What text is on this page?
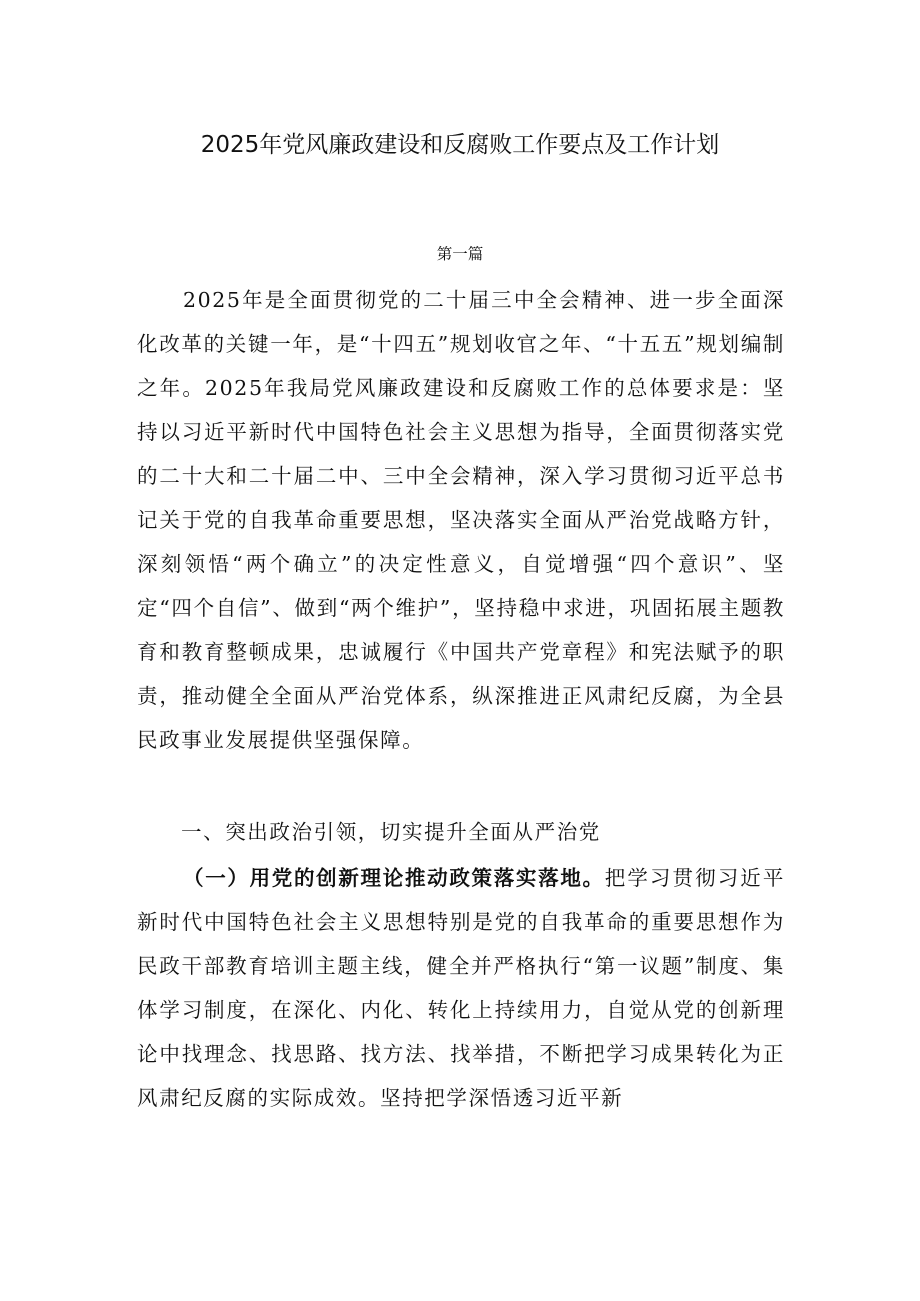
2025年党风廉政建设和反腐败工作要点及工作计划
第一篇

2025年是全面贯彻党的二十届三中全会精神、进一步全面深化改革的关键一年，是“十四五”规划收官之年、“十五五”规划编制之年。2025年我局党风廉政建设和反腐败工作的总体要求是：坚持以习近平新时代中国特色社会主义思想为指导，全面贯彻落实党的二十大和二十届二中、三中全会精神，深入学习贯彻习近平总书记关于党的自我革命重要思想，坚决落实全面从严治党战略方针，深刻领悟“两个确立”的决定性意义，自觉增强“四个意识”、坚定“四个自信”、做到“两个维护”，坚持稳中求进，巩固拓展主题教育和教育整顿成果，忠诚履行《中国共产党章程》和宪法赋予的职责，推动健全全面从严治党体系，纵深推进正风肃纪反腐，为全县民政事业发展提供坚强保障。

一、突出政治引领，切实提升全面从严治党

（一）用党的创新理论推动政策落实落地。把学习贯彻习近平新时代中国特色社会主义思想特别是党的自我革命的重要思想作为民政干部教育培训主题主线，健全并严格执行“第一议题”制度、集体学习制度，在深化、内化、转化上持续用力，自觉从党的创新理论中找理念、找思路、找方法、找举措，不断把学习成果转化为正风肃纪反腐的实际成效。坚持把学深悟透习近平新
